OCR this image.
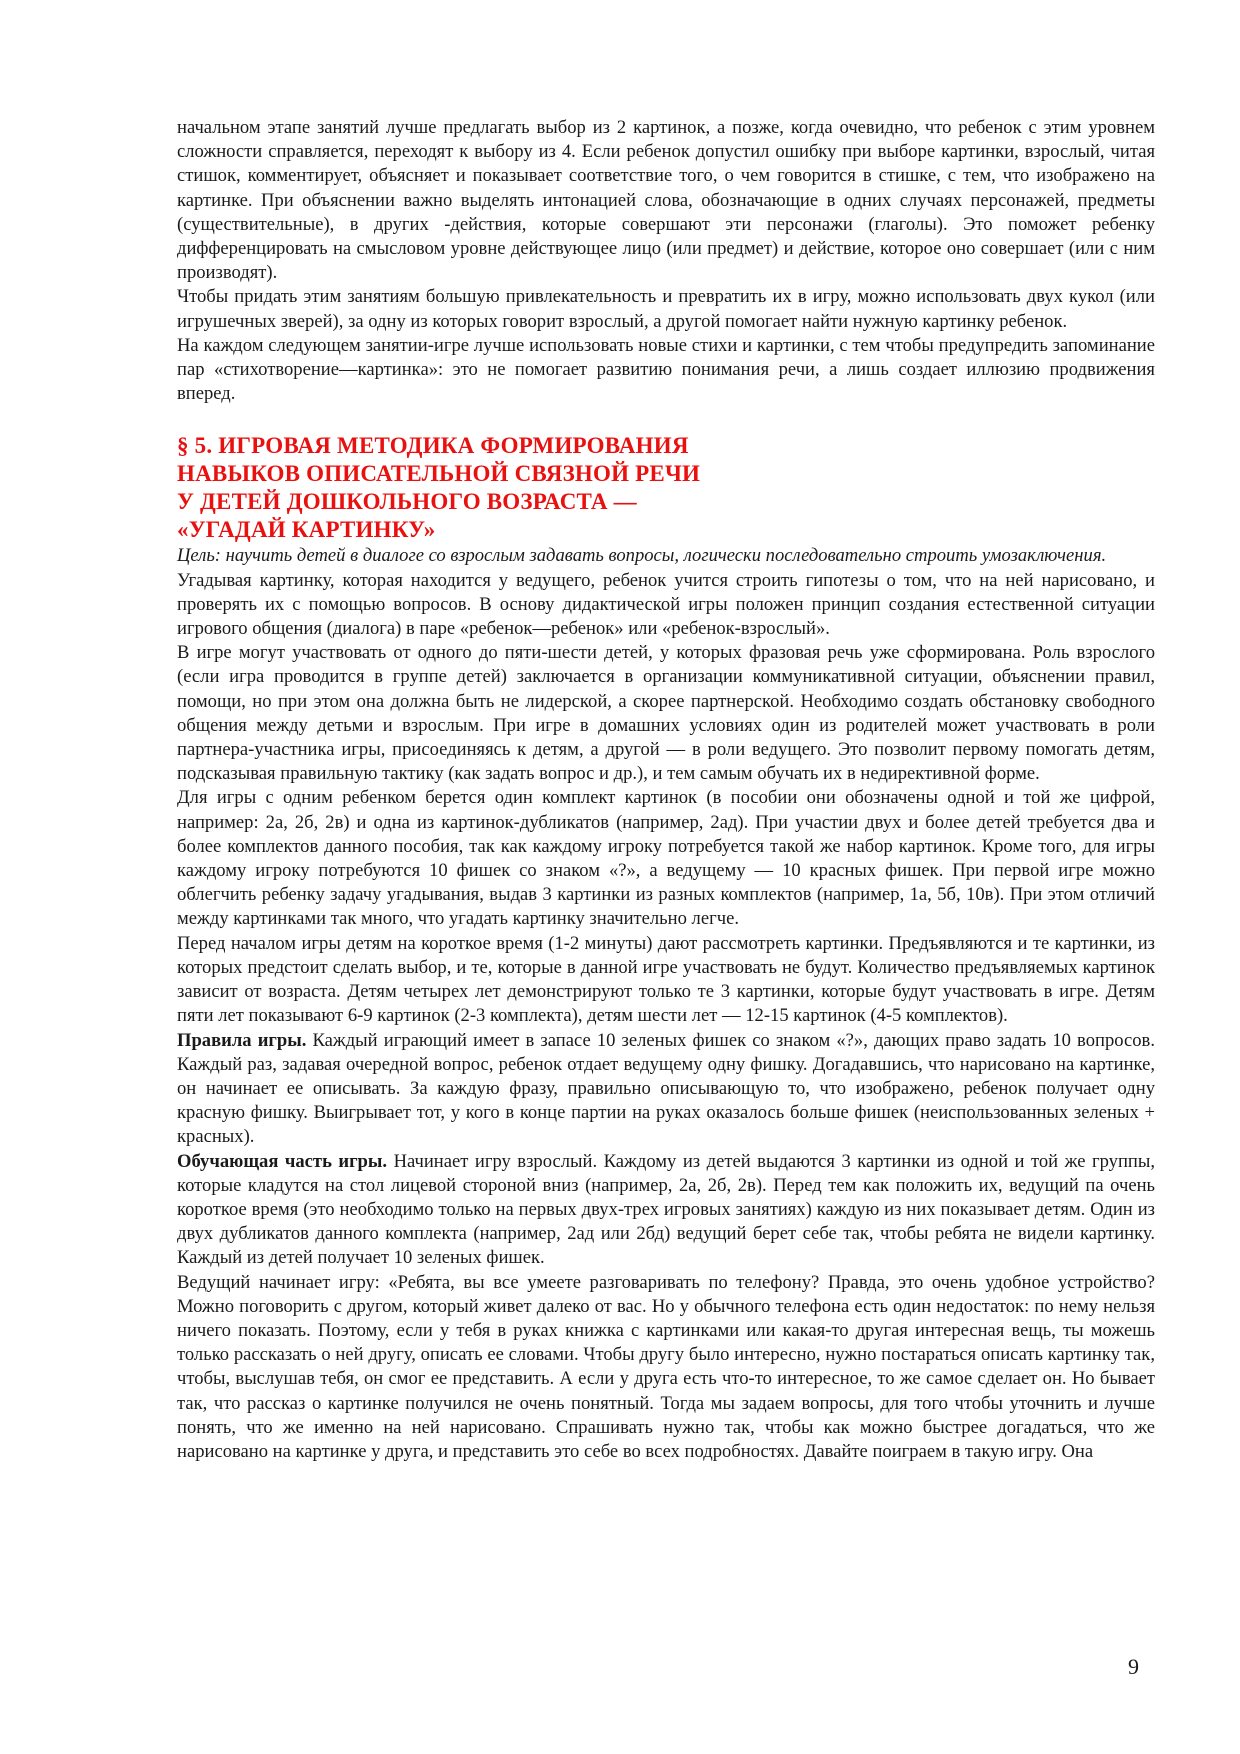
начальном этапе занятий лучше предлагать выбор из 2 картинок, а позже, когда очевидно, что ребенок с этим уровнем сложности справляется, переходят к выбору из 4. Если ребенок допустил ошибку при выборе картинки, взрослый, читая стишок, комментирует, объясняет и показывает соответствие того, о чем говорится в стишке, с тем, что изображено на картинке. При объяснении важно выделять интонацией слова, обозначающие в одних случаях персонажей, предметы (существительные), в других -действия, которые совершают эти персонажи (глаголы). Это поможет ребенку дифференцировать на смысловом уровне действующее лицо (или предмет) и действие, которое оно совершает (или с ним производят).

Чтобы придать этим занятиям большую привлекательность и превратить их в игру, можно использовать двух кукол (или игрушечных зверей), за одну из которых говорит взрослый, а другой помогает найти нужную картинку ребенок.

На каждом следующем занятии-игре лучше использовать новые стихи и картинки, с тем чтобы предупредить запоминание пар «стихотворение—картинка»: это не помогает развитию понимания речи, а лишь создает иллюзию продвижения вперед.

§ 5. ИГРОВАЯ МЕТОДИКА ФОРМИРОВАНИЯ
НАВЫКОВ ОПИСАТЕЛЬНОЙ СВЯЗНОЙ РЕЧИ
У ДЕТЕЙ ДОШКОЛЬНОГО ВОЗРАСТА —
«УГАДАЙ КАРТИНКУ»

Цель: научить детей в диалоге со взрослым задавать вопросы, логически последовательно строить умозаключения.

Угадывая картинку, которая находится у ведущего, ребенок учится строить гипотезы о том, что на ней нарисовано, и проверять их с помощью вопросов. В основу дидактической игры положен принцип создания естественной ситуации игрового общения (диалога) в паре «ребенок—ребенок» или «ребенок-взрослый».

В игре могут участвовать от одного до пяти-шести детей, у которых фразовая речь уже сформирована. Роль взрослого (если игра проводится в группе детей) заключается в организации коммуникативной ситуации, объяснении правил, помощи, но при этом она должна быть не лидерской, а скорее партнерской. Необходимо создать обстановку свободного общения между детьми и взрослым. При игре в домашних условиях один из родителей может участвовать в роли партнера-участника игры, присоединяясь к детям, а другой — в роли ведущего. Это позволит первому помогать детям, подсказывая правильную тактику (как задать вопрос и др.), и тем самым обучать их в недирективной форме.

Для игры с одним ребенком берется один комплект картинок (в пособии они обозначены одной и той же цифрой, например: 2а, 2б, 2в) и одна из картинок-дубликатов (например, 2ад). При участии двух и более детей требуется два и более комплектов данного пособия, так как каждому игроку потребуется такой же набор картинок. Кроме того, для игры каждому игроку потребуются 10 фишек со знаком «?», а ведущему — 10 красных фишек. При первой игре можно облегчить ребенку задачу угадывания, выдав 3 картинки из разных комплектов (например, 1а, 5б, 10в). При этом отличий между картинками так много, что угадать картинку значительно легче.

Перед началом игры детям на короткое время (1-2 минуты) дают рассмотреть картинки. Предъявляются и те картинки, из которых предстоит сделать выбор, и те, которые в данной игре участвовать не будут. Количество предъявляемых картинок зависит от возраста. Детям четырех лет демонстрируют только те 3 картинки, которые будут участвовать в игре. Детям пяти лет показывают 6-9 картинок (2-3 комплекта), детям шести лет — 12-15 картинок (4-5 комплектов).

Правила игры. Каждый играющий имеет в запасе 10 зеленых фишек со знаком «?», дающих право задать 10 вопросов. Каждый раз, задавая очередной вопрос, ребенок отдает ведущему одну фишку. Догадавшись, что нарисовано на картинке, он начинает ее описывать. За каждую фразу, правильно описывающую то, что изображено, ребенок получает одну красную фишку. Выигрывает тот, у кого в конце партии на руках оказалось больше фишек (неиспользованных зеленых + красных).

Обучающая часть игры. Начинает игру взрослый. Каждому из детей выдаются 3 картинки из одной и той же группы, которые кладутся на стол лицевой стороной вниз (например, 2а, 2б, 2в). Перед тем как положить их, ведущий па очень короткое время (это необходимо только на первых двух-трех игровых занятиях) каждую из них показывает детям. Один из двух дубликатов данного комплекта (например, 2ад или 2бд) ведущий берет себе так, чтобы ребята не видели картинку. Каждый из детей получает 10 зеленых фишек.

Ведущий начинает игру: «Ребята, вы все умеете разговаривать по телефону? Правда, это очень удобное устройство? Можно поговорить с другом, который живет далеко от вас. Но у обычного телефона есть один недостаток: по нему нельзя ничего показать. Поэтому, если у тебя в руках книжка с картинками или какая-то другая интересная вещь, ты можешь только рассказать о ней другу, описать ее словами. Чтобы другу было интересно, нужно постараться описать картинку так, чтобы, выслушав тебя, он смог ее представить. А если у друга есть что-то интересное, то же самое сделает он. Но бывает так, что рассказ о картинке получился не очень понятный. Тогда мы задаем вопросы, для того чтобы уточнить и лучше понять, что же именно на ней нарисовано. Спрашивать нужно так, чтобы как можно быстрее догадаться, что же нарисовано на картинке у друга, и представить это себе во всех подробностях. Давайте поиграем в такую игру. Она

9
